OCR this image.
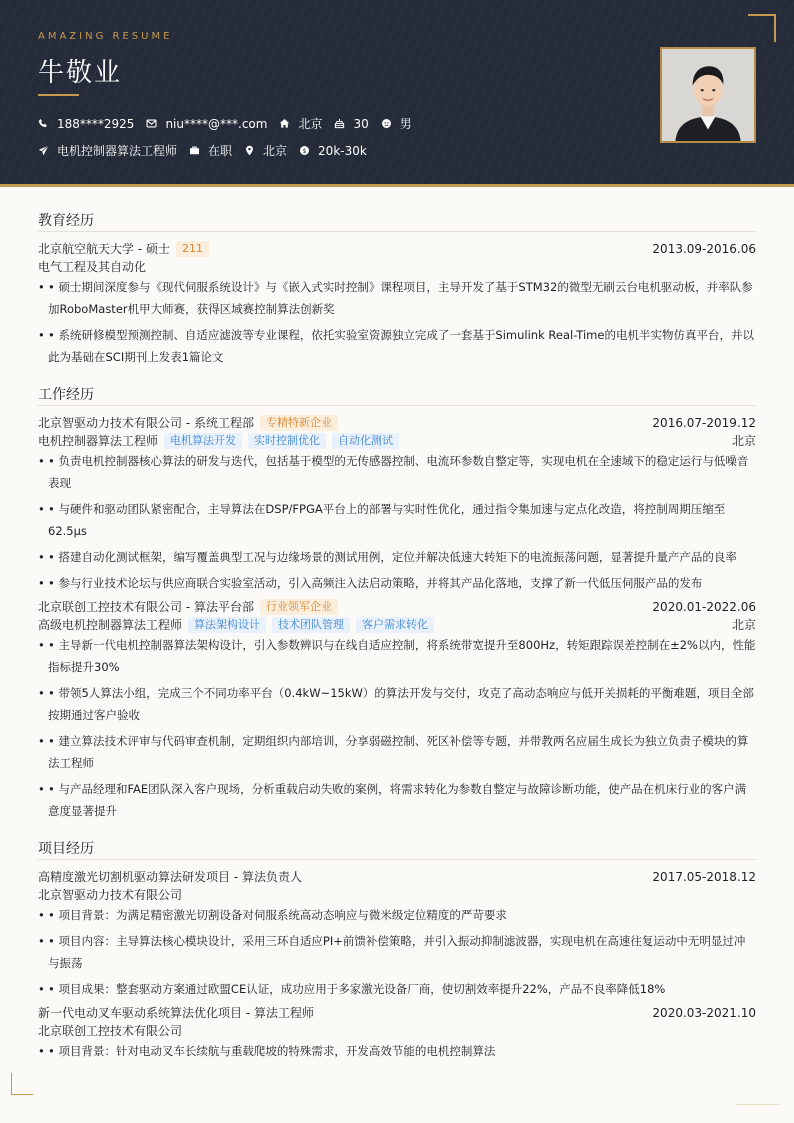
AMAZING RESUME
牛敬业
188****2925	niu****@***.com	北京	30	男
电机控制器算法工程师	在职	北京 $ 20k-30k
教育经历
北京航空航天大学 - 硕士	211	2013.09-2016.06
电气工程及其自动化
• • 硕士期间深度参与《现代伺服系统设计》与《嵌入式实时控制》课程项目，主导开发了基于STM32的微型无刷云台电机驱动板，并率队参加RoboMaster机甲大师赛，获得区域赛控制算法创新奖
• • 系统研修模型预测控制、自适应滤波等专业课程，依托实验室资源独立完成了一套基于Simulink Real-Time的电机半实物仿真平台，并以此为基础在SCI期刊上发表1篇论文
工作经历
北京智驱动力技术有限公司 - 系统工程部	专精特新企业	2016.07-2019.12
电机控制器算法工程师	电机算法开发	实时控制优化	自动化测试	北京
• • 负责电机控制器核心算法的研发与迭代，包括基于模型的无传感器控制、电流环参数自整定等，实现电机在全速域下的稳定运行与低噪音表现
• • 与硬件和驱动团队紧密配合，主导算法在DSP/FPGA平台上的部署与实时性优化，通过指令集加速与定点化改造，将控制周期压缩至62.5μs
• • 搭建自动化测试框架，编写覆盖典型工况与边缘场景的测试用例，定位并解决低速大转矩下的电流振荡问题，显著提升量产产品的良率
• • 参与行业技术论坛与供应商联合实验室活动，引入高频注入法启动策略，并将其产品化落地，支撑了新一代低压伺服产品的发布
北京联创工控技术有限公司 - 算法平台部	行业领军企业	2020.01-2022.06
高级电机控制器算法工程师	算法架构设计	技术团队管理	客户需求转化	北京
• • 主导新一代电机控制器算法架构设计，引入参数辨识与在线自适应控制，将系统带宽提升至800Hz，转矩跟踪误差控制在±2%以内，性能指标提升30%
• • 带领5人算法小组，完成三个不同功率平台（0.4kW~15kW）的算法开发与交付，攻克了高动态响应与低开关损耗的平衡难题，项目全部按期通过客户验收
• • 建立算法技术评审与代码审查机制，定期组织内部培训，分享弱磁控制、死区补偿等专题，并带教两名应届生成长为独立负责子模块的算法工程师
• • 与产品经理和FAE团队深入客户现场，分析重载启动失败的案例，将需求转化为参数自整定与故障诊断功能，使产品在机床行业的客户满意度显著提升
项目经历
高精度激光切割机驱动算法研发项目 - 算法负责人	2017.05-2018.12
北京智驱动力技术有限公司
• • 项目背景：为满足精密激光切割设备对伺服系统高动态响应与微米级定位精度的严苛要求
• • 项目内容：主导算法核心模块设计，采用三环自适应PI+前馈补偿策略，并引入振动抑制滤波器，实现电机在高速往复运动中无明显过冲与振荡
• • 项目成果：整套驱动方案通过欧盟CE认证，成功应用于多家激光设备厂商，使切割效率提升22%，产品不良率降低18%
新一代电动叉车驱动系统算法优化项目 - 算法工程师	2020.03-2021.10
北京联创工控技术有限公司
• • 项目背景：针对电动叉车长续航与重载爬坡的特殊需求，开发高效节能的电机控制算法
